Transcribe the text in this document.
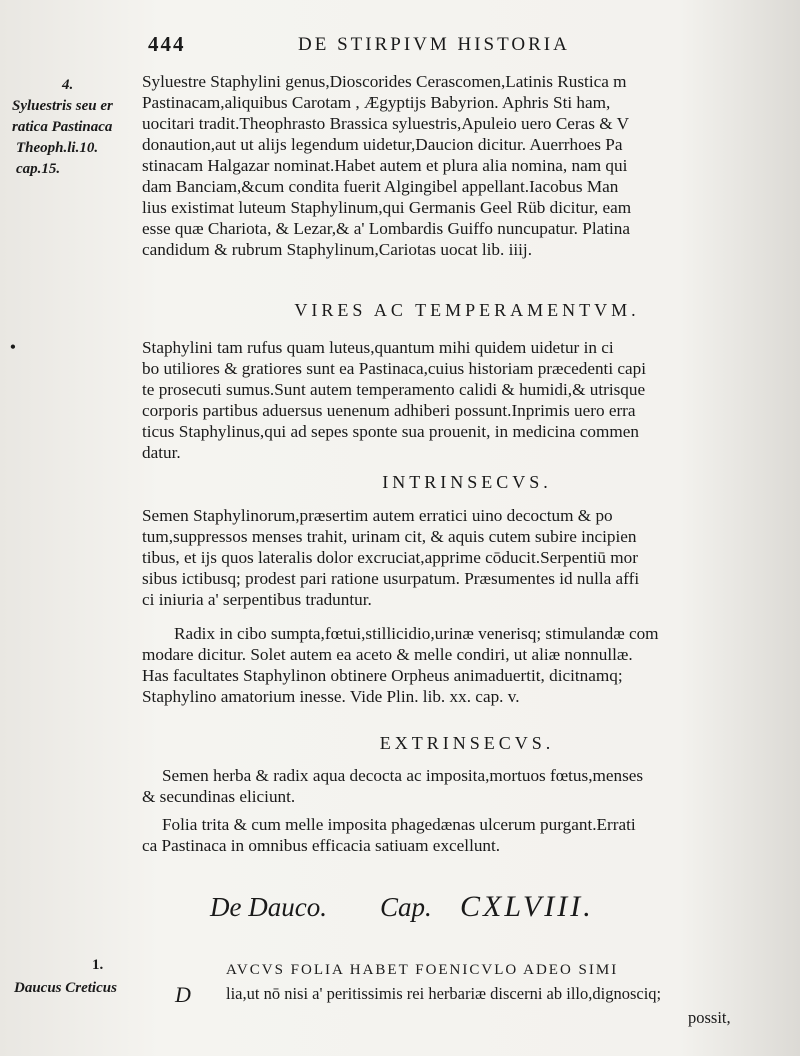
444	DE STIRPIVM HISTORIA
4.
Syluestris seu er
ratica Pastinaca
Theoph.li.10.
cap.15.
•

Syluestre Staphylini genus,Dioscorides Cerascomen,Latinis Rustica m

Pastinacam,aliquibus Carotam , Ægyptijs Babyrion. Aphris Sti ham,

uocitari tradit.Theophrasto Brassica syluestris,Apuleio uero Ceras & V

donaution,aut ut alijs legendum uidetur,Daucion dicitur. Auerrhoes Pa

stinacam Halgazar nominat.Habet autem et plura alia nomina, nam qui

dam Banciam,&cum condita fuerit Algingibel appellant.Iacobus Man

lius existimat luteum Staphylinum,qui Germanis Geel Rüb dicitur, eam

esse quæ Chariota, & Lezar,& a' Lombardis Guiffo nuncupatur. Platina

candidum & rubrum Staphylinum,Cariotas uocat lib. iiij.

VIRES AC TEMPERAMENTVM.

Staphylini tam rufus quam luteus,quantum mihi quidem uidetur in ci

bo utiliores & gratiores sunt ea Pastinaca,cuius historiam præcedenti capi

te prosecuti sumus.Sunt autem temperamento calidi & humidi,& utrisque

corporis partibus aduersus uenenum adhiberi possunt.Inprimis uero erra

ticus Staphylinus,qui ad sepes sponte sua prouenit, in medicina commen

datur.

INTRINSECVS.

Semen Staphylinorum,præsertim autem erratici uino decoctum & po

tum,suppressos menses trahit, urinam cit, & aquis cutem subire incipien

tibus, et ijs quos lateralis dolor excruciat,apprime cōducit.Serpentiū mor

sibus ictibusq; prodest pari ratione usurpatum. Præsumentes id nulla affi

ci iniuria a' serpentibus traduntur.

Radix in cibo sumpta,fœtui,stillicidio,urinæ venerisq; stimulandæ com

modare dicitur. Solet autem ea aceto & melle condiri, ut aliæ nonnullæ.

Has facultates Staphylinon obtinere Orpheus animaduertit, dicitnamq;

Staphylino amatorium inesse. Vide Plin. lib. xx. cap. v.

EXTRINSECVS.

Semen herba & radix aqua decocta ac imposita,mortuos fœtus,menses

& secundinas eliciunt.

Folia trita & cum melle imposita phagedænas ulcerum purgant.Errati

ca Pastinaca in omnibus efficacia satiuam excellunt.

De Dauco. Cap. CXLVIII.
1.
Daucus Creticus	D
AVCVS FOLIA HABET FOENICVLO ADEO SIMI
lia,ut nō nisi a' peritissimis rei herbariæ discerni ab illo,dignosciq;
possit,
